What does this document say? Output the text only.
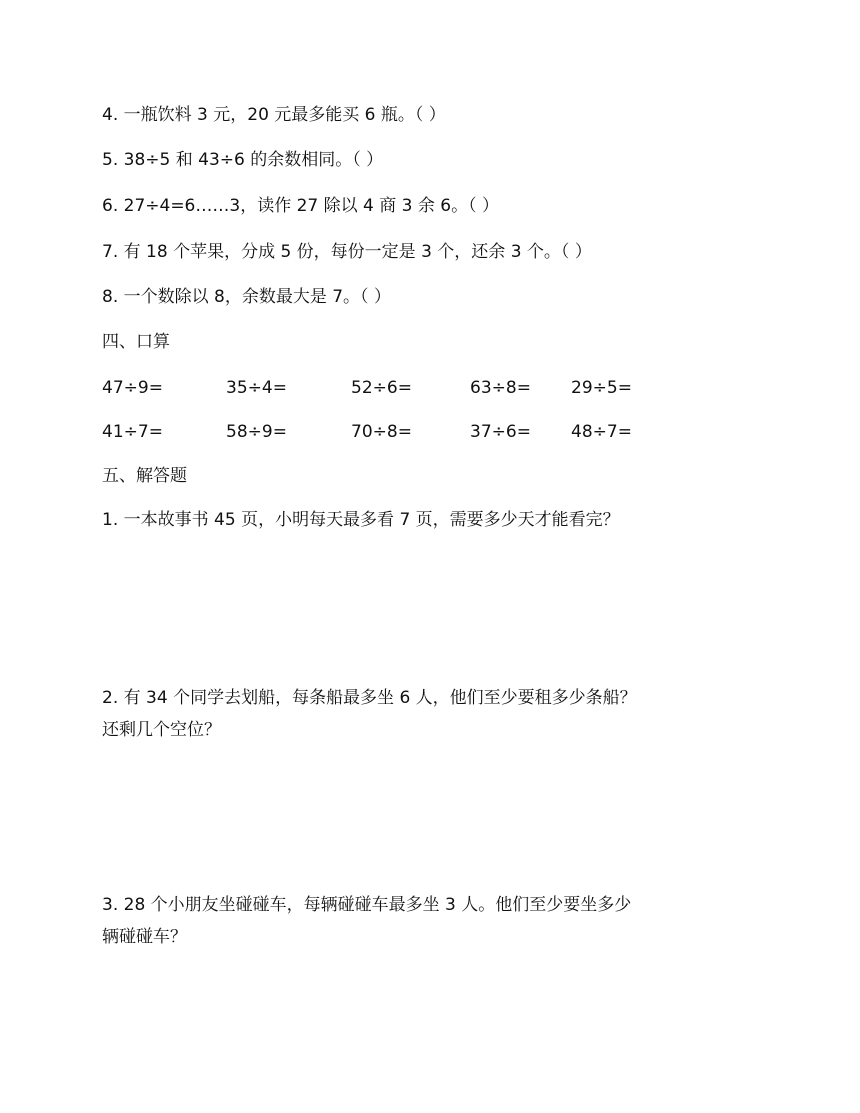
4. 一瓶饮料 3 元，20 元最多能买 6 瓶。（ ）
5. 38÷5 和 43÷6 的余数相同。（ ）
6. 27÷4=6……3，读作 27 除以 4 商 3 余 6。（ ）
7. 有 18 个苹果，分成 5 份，每份一定是 3 个，还余 3 个。（ ）
8. 一个数除以 8，余数最大是 7。（ ）
四、口算
47÷9=	35÷4=	52÷6=	63÷8= 29÷5=
41÷7=	58÷9=	70÷8=	37÷6= 48÷7=
五、解答题
1. 一本故事书 45 页，小明每天最多看 7 页，需要多少天才能看完？
2. 有 34 个同学去划船，每条船最多坐 6 人，他们至少要租多少条船？
还剩几个空位？
3. 28 个小朋友坐碰碰车，每辆碰碰车最多坐 3 人。他们至少要坐多少
辆碰碰车？
